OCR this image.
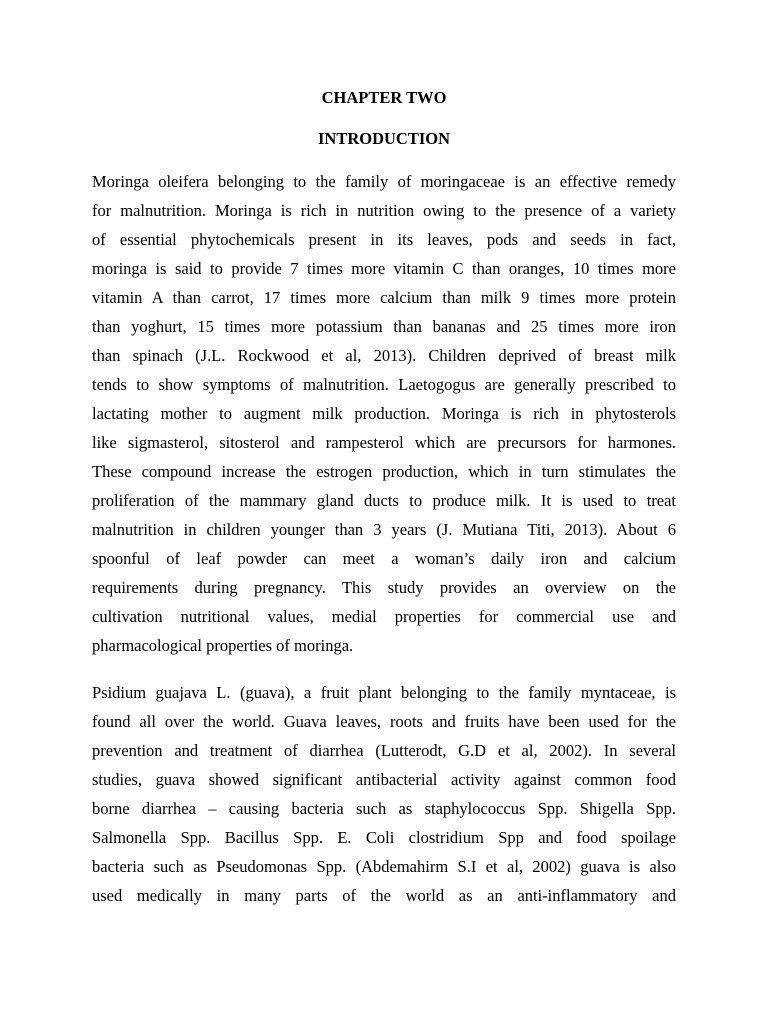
CHAPTER TWO
INTRODUCTION
Moringa oleifera belonging to the family of moringaceae is an effective remedy
for malnutrition. Moringa is rich in nutrition owing to the presence of a variety
of essential phytochemicals present in its leaves, pods and seeds in fact,
moringa is said to provide 7 times more vitamin C than oranges, 10 times more
vitamin A than carrot, 17 times more calcium than milk 9 times more protein
than yoghurt, 15 times more potassium than bananas and 25 times more iron
than spinach (J.L. Rockwood et al, 2013). Children deprived of breast milk
tends to show symptoms of malnutrition. Laetogogus are generally prescribed to
lactating mother to augment milk production. Moringa is rich in phytosterols
like sigmasterol, sitosterol and rampesterol which are precursors for harmones.
These compound increase the estrogen production, which in turn stimulates the
proliferation of the mammary gland ducts to produce milk. It is used to treat
malnutrition in children younger than 3 years (J. Mutiana Titi, 2013). About 6
spoonful of leaf powder can meet a woman’s daily iron and calcium
requirements during pregnancy. This study provides an overview on the
cultivation nutritional values, medial properties for commercial use and
pharmacological properties of moringa.
Psidium guajava L. (guava), a fruit plant belonging to the family myntaceae, is
found all over the world. Guava leaves, roots and fruits have been used for the
prevention and treatment of diarrhea (Lutterodt, G.D et al, 2002). In several
studies, guava showed significant antibacterial activity against common food
borne diarrhea – causing bacteria such as staphylococcus Spp. Shigella Spp.
Salmonella Spp. Bacillus Spp. E. Coli clostridium Spp and food spoilage
bacteria such as Pseudomonas Spp. (Abdemahirm S.I et al, 2002) guava is also
used medically in many parts of the world as an anti-inflammatory and
